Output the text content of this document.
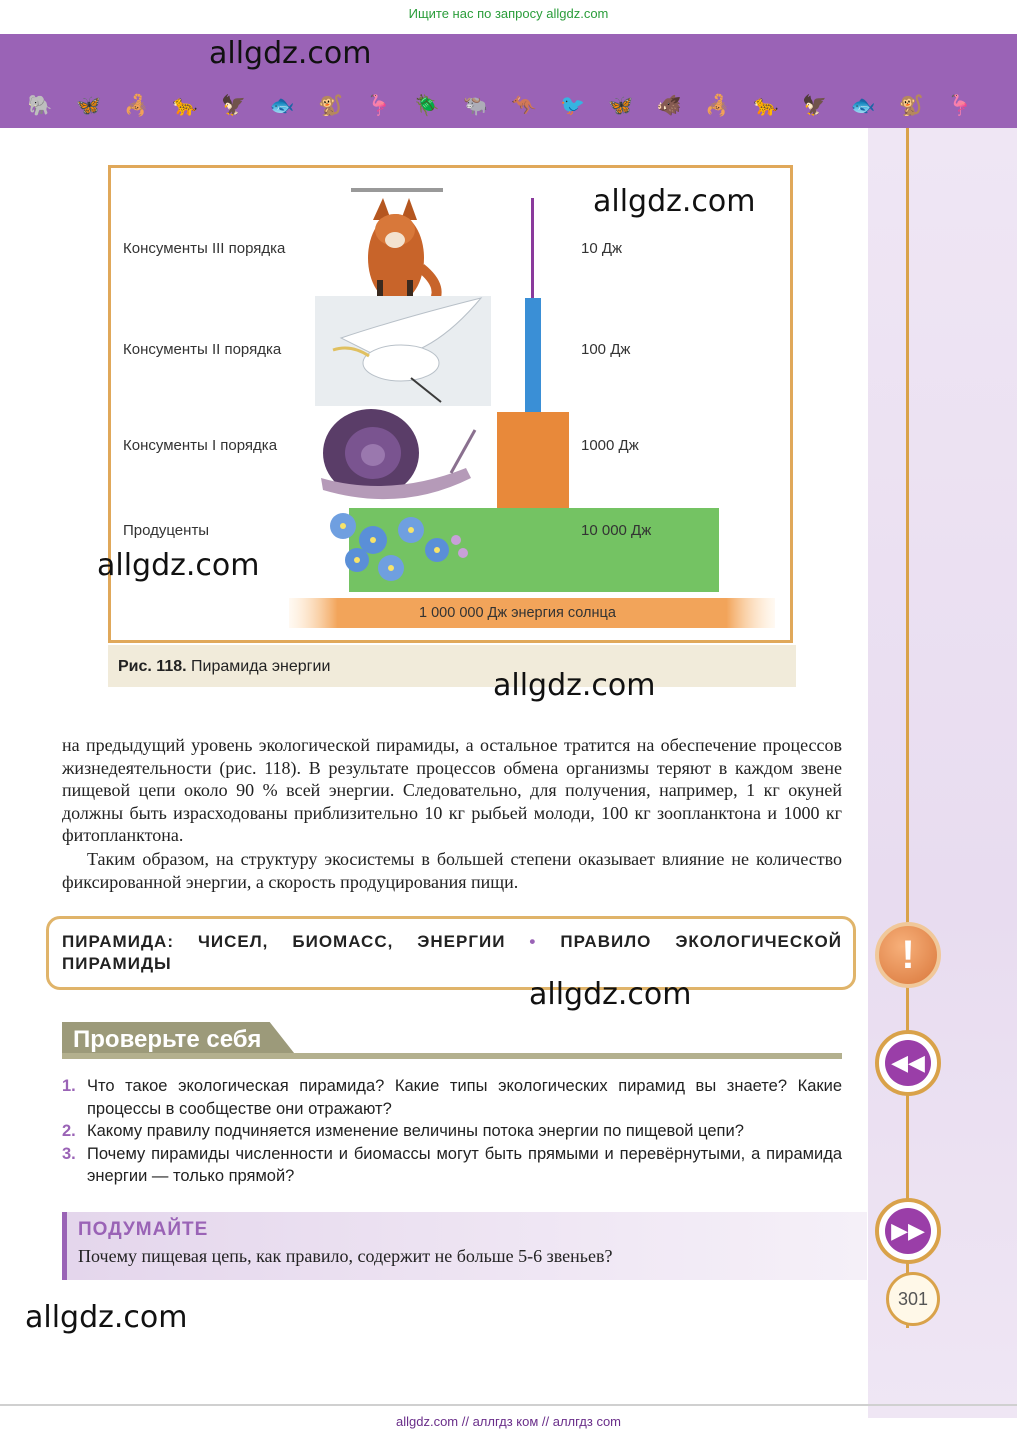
Ищите нас по запросу allgdz.com
🐘	🦋	🦂	🐆	🦅	🐟	🐒	🦩	🪲	🐃	🦘	🐦	🦋	🐗	🦂	🐆	🦅	🐟	🐒	🦩
Консументы III порядка
Консументы II порядка
Консументы I порядка
Продуценты
10 Дж
100 Дж
1000 Дж
10 000 Дж
1 000 000 Дж энергия солнца
Рис. 118. Пирамида энергии
на предыдущий уровень экологической пирамиды, а остальное тратится на обеспечение процессов жизнедеятельности (рис. 118). В результате процессов обмена организмы теряют в каждом звене пищевой цепи около 90 % всей энергии. Следовательно, для получения, например, 1 кг окуней должны быть израсходованы приблизительно 10 кг рыбьей молоди, 100 кг зоопланктона и 1000 кг фитопланктона.
Таким образом, на структуру экосистемы в большей степени оказывает влияние не количество фиксированной энергии, а скорость продуцирования пищи.
ПИРАМИДА: ЧИСЕЛ, БИОМАСС, ЭНЕРГИИ • ПРАВИЛО ЭКОЛОГИЧЕСКОЙ ПИРАМИДЫ	!
◀◀
▶▶
301
Проверьте себя
1. Что такое экологическая пирамида? Какие типы экологических пирамид вы знаете? Какие процессы в сообществе они отражают?
2. Какому правилу подчиняется изменение величины потока энергии по пищевой цепи?
3. Почему пирамиды численности и биомассы могут быть прямыми и перевёрнутыми, а пирамида энергии — только прямой?
ПОДУМАЙТЕ
Почему пищевая цепь, как правило, содержит не больше 5-6 звеньев?
allgdz.com
allgdz.com
allgdz.com
allgdz.com
allgdz.com
allgdz.com
allgdz.com // аллгдз ком // аллгдз com
